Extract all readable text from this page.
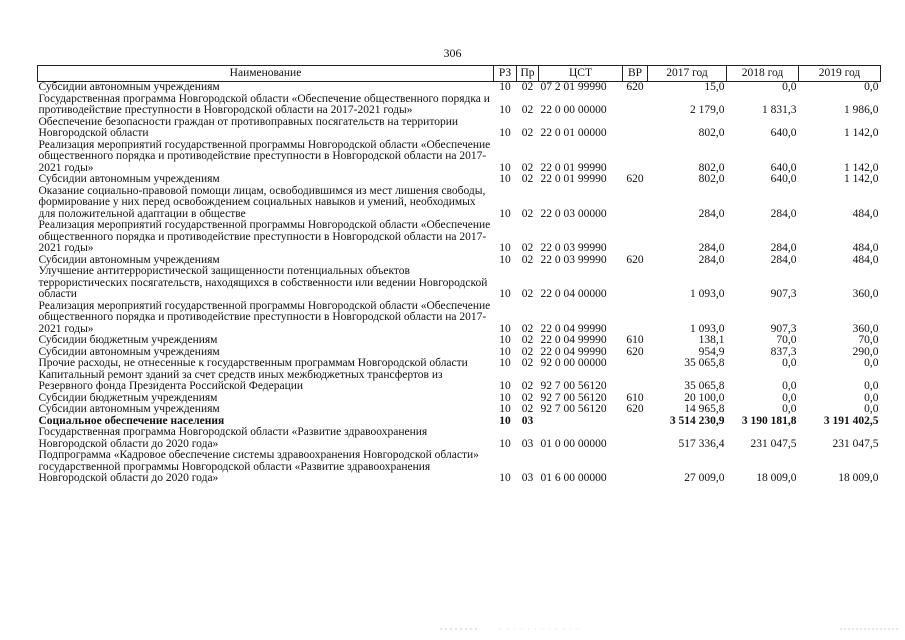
306
Наименование	РЗ	Пр	ЦСТ	ВР	2017 год	2018 год	2019 год
Субсидии автономным учреждениям	10	02	07 2 01 99990	620	15,0	0,0	0,0
Государственная программа Новгородской области «Обеспечение общественного порядка и противодействие преступности в Новгородской области на 2017-2021 годы»	10	02	22 0 00 00000		2 179,0	1 831,3	1 986,0
Обеспечение безопасности граждан от противоправных посягательств на территории Новгородской области	10	02	22 0 01 00000		802,0	640,0	1 142,0
Реализация мероприятий государственной программы Новгородской области «Обеспечение общественного порядка и противодействие преступности в Новгородской области на 2017-2021 годы»	10	02	22 0 01 99990		802,0	640,0	1 142,0
Субсидии автономным учреждениям	10	02	22 0 01 99990	620	802,0	640,0	1 142,0
Оказание социально-правовой помощи лицам, освободившимся из мест лишения свободы, формирование у них перед освобождением социальных навыков и умений, необходимых для положительной адаптации в обществе	10	02	22 0 03 00000		284,0	284,0	484,0
Реализация мероприятий государственной программы Новгородской области «Обеспечение общественного порядка и противодействие преступности в Новгородской области на 2017-2021 годы»	10	02	22 0 03 99990		284,0	284,0	484,0
Субсидии автономным учреждениям	10	02	22 0 03 99990	620	284,0	284,0	484,0
Улучшение антитеррористической защищенности потенциальных объектов террористических посягательств, находящихся в собственности или ведении Новгородской области	10	02	22 0 04 00000		1 093,0	907,3	360,0
Реализация мероприятий государственной программы Новгородской области «Обеспечение общественного порядка и противодействие преступности в Новгородской области на 2017-2021 годы»	10	02	22 0 04 99990		1 093,0	907,3	360,0
Субсидии бюджетным учреждениям	10	02	22 0 04 99990	610	138,1	70,0	70,0
Субсидии автономным учреждениям	10	02	22 0 04 99990	620	954,9	837,3	290,0
Прочие расходы, не отнесенные к государственным программам Новгородской области	10	02	92 0 00 00000		35 065,8	0,0	0,0
Капитальный ремонт зданий за счет средств иных межбюджетных трансфертов из Резервного фонда Президента Российской Федерации	10	02	92 7 00 56120		35 065,8	0,0	0,0
Субсидии бюджетным учреждениям	10	02	92 7 00 56120	610	20 100,0	0,0	0,0
Субсидии автономным учреждениям	10	02	92 7 00 56120	620	14 965,8	0,0	0,0
Социальное обеспечение населения	10	03			3 514 230,9	3 190 181,8	3 191 402,5
Государственная программа Новгородской области «Развитие здравоохранения Новгородской области до 2020 года»	10	03	01 0 00 00000		517 336,4	231 047,5	231 047,5
Подпрограмма «Кадровое обеспечение системы здравоохранения Новгородской области» государственной программы Новгородской области «Развитие здравоохранения Новгородской области до 2020 года»	10	03	01 6 00 00000		27 009,0	18 009,0	18 009,0
